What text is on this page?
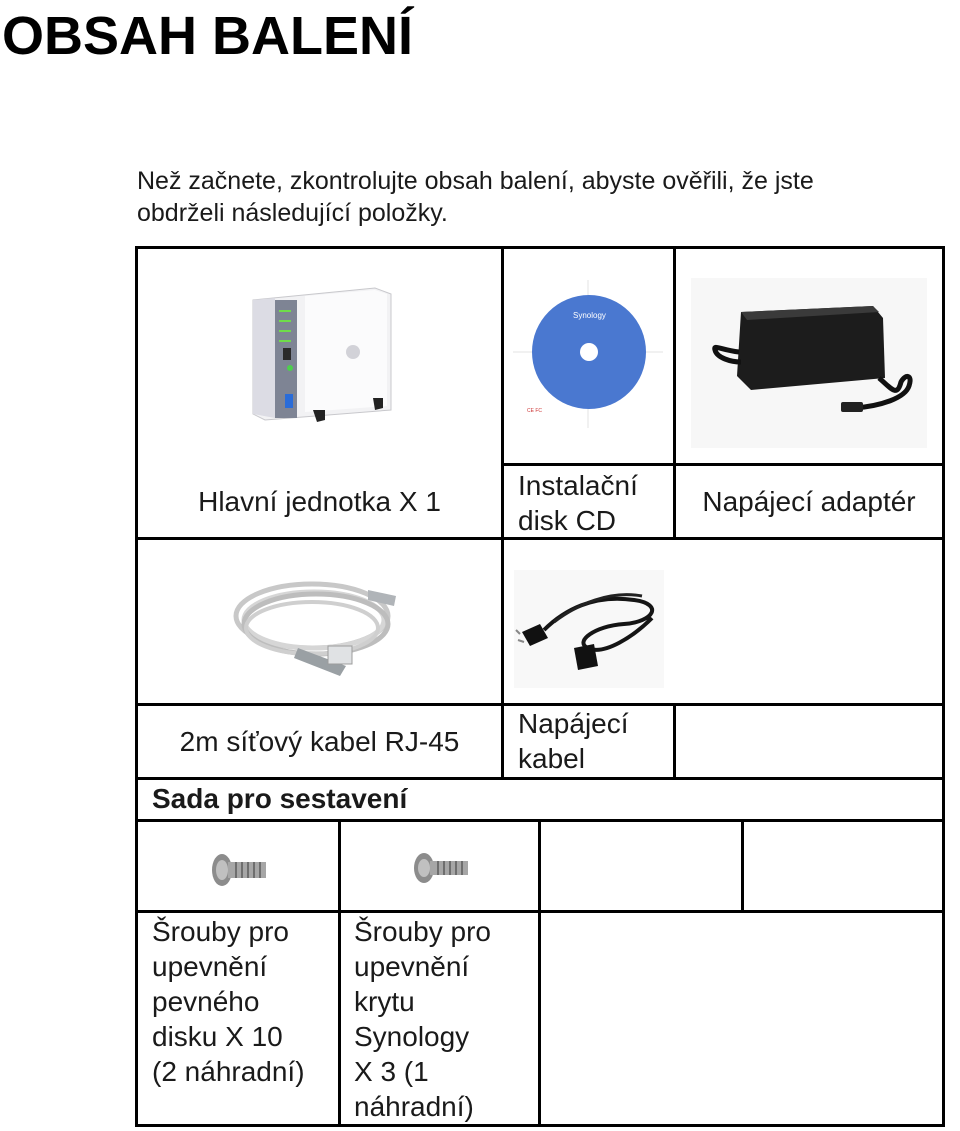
OBSAH BALENÍ
Než začnete, zkontrolujte obsah balení, abyste ověřili, že jste
obdrželi následující položky.
Synology
CE FC
Hlavní jednotka X 1
Instalační
disk CD
Napájecí adaptér
2m síťový kabel RJ-45
Napájecí
kabel
Sada pro sestavení
Šrouby pro
upevnění
pevného
disku X 10
(2 náhradní)
Šrouby pro
upevnění
krytu
Synology
X 3 (1
náhradní)
